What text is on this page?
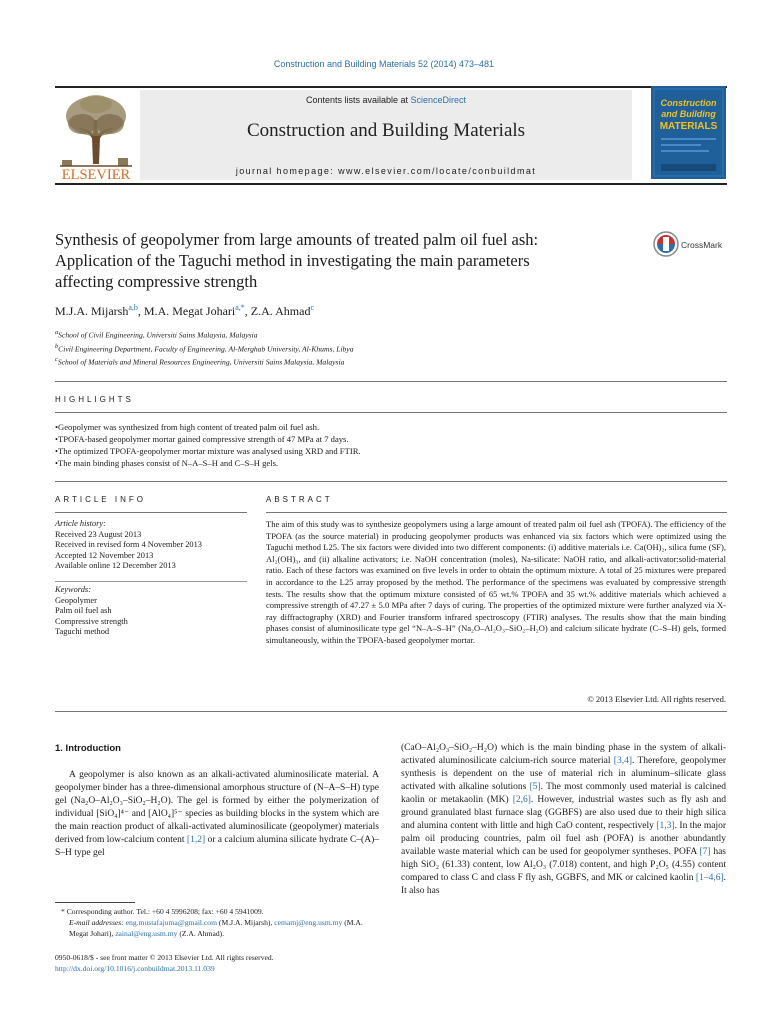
Construction and Building Materials 52 (2014) 473–481
ELSEVIER
Contents lists available at ScienceDirect
Construction and Building Materials
journal homepage: www.elsevier.com/locate/conbuildmat
Construction
and Building
MATERIALS
Synthesis of geopolymer from large amounts of treated palm oil fuel ash:
Application of the Taguchi method in investigating the main parameters
affecting compressive strength
CrossMark
M.J.A. Mijarsh$^{a,b}$, M.A. Megat Johari$^{a,*}$, Z.A. Ahmad$^c$
$^a$School of Civil Engineering, Universiti Sains Malaysia, Malaysia
$^b$Civil Engineering Department, Faculty of Engineering, Al-Merghab University, Al-Khums, Libya
$^c$School of Materials and Mineral Resources Engineering, Universiti Sains Malaysia, Malaysia
HIGHLIGHTS
• Geopolymer was synthesized from high content of treated palm oil fuel ash.
• TPOFA-based geopolymer mortar gained compressive strength of 47 MPa at 7 days.
• The optimized TPOFA-geopolymer mortar mixture was analysed using XRD and FTIR.
• The main binding phases consist of N–A–S–H and C–S–H gels.
ARTICLE INFO	ABSTRACT
Article history:
Received 23 August 2013
Received in revised form 4 November 2013
Accepted 12 November 2013
Available online 12 December 2013
Keywords:
Geopolymer
Palm oil fuel ash
Compressive strength
Taguchi method
The aim of this study was to synthesize geopolymers using a large amount of treated palm oil fuel ash (TPOFA). The efficiency of the TPOFA (as the source material) in producing geopolymer products was enhanced via six factors which were optimized using the Taguchi method L25. The six factors were divided into two different components: (i) additive materials i.e. Ca(OH)₂, silica fume (SF), Al₂(OH)₃, and (ii) alkaline activators; i.e. NaOH concentration (moles), Na-silicate: NaOH ratio, and alkali-activator:solid-material ratio. Each of these factors was examined on five levels in order to obtain the optimum mixture. A total of 25 mixtures were prepared in accordance to the L25 array proposed by the method. The performance of the specimens was evaluated by compressive strength tests. The results show that the optimum mixture consisted of 65 wt.% TPOFA and 35 wt.% additive materials which achieved a compressive strength of 47.27 ± 5.0 MPa after 7 days of curing. The properties of the optimized mixture were further analyzed via X-ray diffractography (XRD) and Fourier transform infrared spectroscopy (FTIR) analyses. The results show that the main binding phases consist of aluminosilicate type gel “N–A–S–H” (Na₂O–Al₂O₃–SiO₂–H₂O) and calcium silicate hydrate (C–S–H) gels, formed simultaneously, within the TPOFA-based geopolymer mortar.
© 2013 Elsevier Ltd. All rights reserved.
1. Introduction
A geopolymer is also known as an alkali-activated aluminosilicate material. A geopolymer binder has a three-dimensional amorphous structure of (N–A–S–H) type gel (Na₂O–Al₂O₃–SiO₂–H₂O). The gel is formed by either the polymerization of individual [SiO₄]⁴⁻ and [AlO₄]⁵⁻ species as building blocks in the system which are the main reaction product of alkali-activated aluminosilicate (geopolymer) materials derived from low-calcium content [1,2] or a calcium alumina silicate hydrate C–(A)–S–H type gel
(CaO–Al₂O₃–SiO₂–H₂O) which is the main binding phase in the system of alkali-activated aluminosilicate calcium-rich source material [3,4]. Therefore, geopolymer synthesis is dependent on the use of material rich in aluminum–silicate glass activated with alkaline solutions [5]. The most commonly used material is calcined kaolin or metakaolin (MK) [2,6]. However, industrial wastes such as fly ash and ground granulated blast furnace slag (GGBFS) are also used due to their high silica and alumina content with little and high CaO content, respectively [1,3]. In the major palm oil producing countries, palm oil fuel ash (POFA) is another abundantly available waste material which can be used for geopolymer syntheses. POFA [7] has high SiO₂ (61.33) content, low Al₂O₃ (7.018) content, and high P₂O₅ (4.55) content compared to class C and class F fly ash, GGBFS, and MK or calcined kaolin [1–4,6]. It also has
* Corresponding author. Tel.: +60 4 5996208; fax: +60 4 5941009.
E-mail addresses: eng.mustafajuma@gmail.com (M.J.A. Mijarsh), cemamj@eng.usm.my (M.A. Megat Johari), zainal@eng.usm.my (Z.A. Ahmad).
0950-0618/$ - see front matter © 2013 Elsevier Ltd. All rights reserved.
http://dx.doi.org/10.1016/j.conbuildmat.2013.11.039
